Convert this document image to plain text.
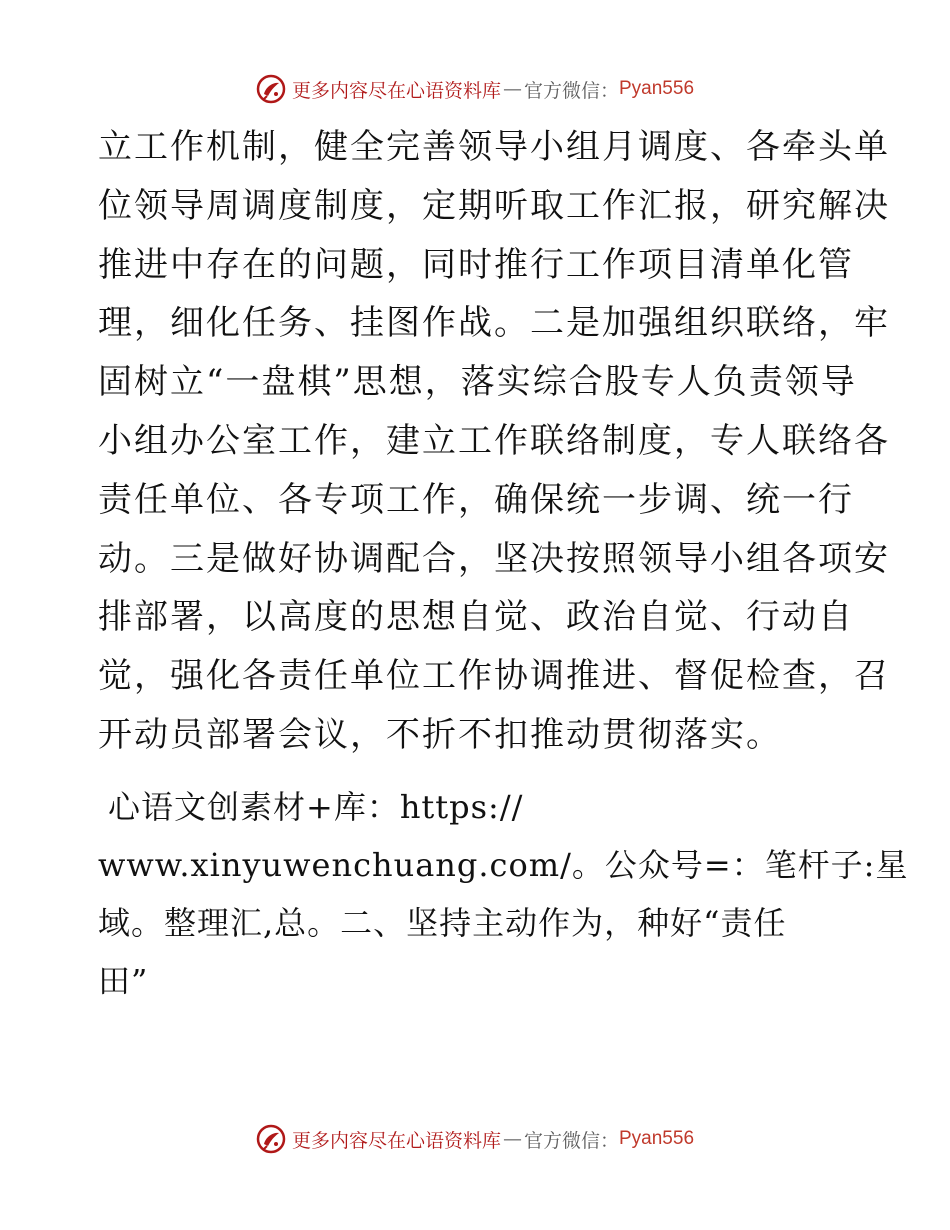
更多内容尽在心语资料库 — 官方微信： Pyan556
立工作机制，健全完善领导小组月调度、各牵头单
位领导周调度制度，定期听取工作汇报，研究解决
推进中存在的问题，同时推行工作项目清单化管
理，细化任务、挂图作战。二是加强组织联络，牢
固树立“一盘棋”思想，落实综合股专人负责领导
小组办公室工作，建立工作联络制度，专人联络各
责任单位、各专项工作，确保统一步调、统一行
动。三是做好协调配合，坚决按照领导小组各项安
排部署，以高度的思想自觉、政治自觉、行动自
觉，强化各责任单位工作协调推进、督促检查，召
开动员部署会议，不折不扣推动贯彻落实。
心语文创素材+库：https://
www.xinyuwenchuang.com/。公众号=：笔杆子:星
域。整理汇,总。二、坚持主动作为，种好“责任
田”
更多内容尽在心语资料库 — 官方微信： Pyan556
